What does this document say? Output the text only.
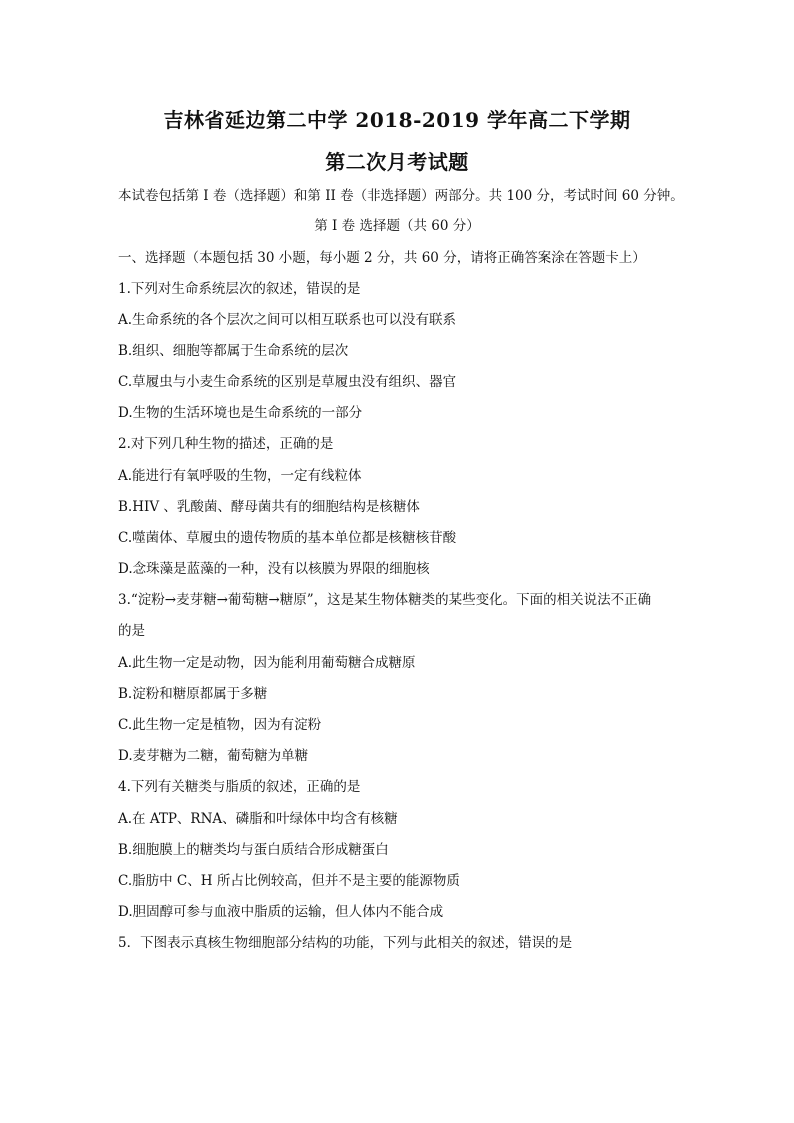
吉林省延边第二中学 2018-2019 学年高二下学期
第二次月考试题
本试卷包括第 I 卷（选择题）和第 II 卷（非选择题）两部分。共 100 分，考试时间 60 分钟。
第 I 卷 选择题（共 60 分）
一、选择题（本题包括 30 小题，每小题 2 分，共 60 分，请将正确答案涂在答题卡上）
1.下列对生命系统层次的叙述，错误的是
A.生命系统的各个层次之间可以相互联系也可以没有联系
B.组织、细胞等都属于生命系统的层次
C.草履虫与小麦生命系统的区别是草履虫没有组织、器官
D.生物的生活环境也是生命系统的一部分
2.对下列几种生物的描述，正确的是
A.能进行有氧呼吸的生物，一定有线粒体
B.HIV 、乳酸菌、酵母菌共有的细胞结构是核糖体
C.噬菌体、草履虫的遗传物质的基本单位都是核糖核苷酸
D.念珠藻是蓝藻的一种，没有以核膜为界限的细胞核
3.“淀粉→麦芽糖→葡萄糖→糖原”，这是某生物体糖类的某些变化。下面的相关说法不正确
的是
A.此生物一定是动物，因为能利用葡萄糖合成糖原
B.淀粉和糖原都属于多糖
C.此生物一定是植物，因为有淀粉
D.麦芽糖为二糖，葡萄糖为单糖
4.下列有关糖类与脂质的叙述，正确的是
A.在 ATP、RNA、磷脂和叶绿体中均含有核糖
B.细胞膜上的糖类均与蛋白质结合形成糖蛋白
C.脂肪中 C、H 所占比例较高，但并不是主要的能源物质
D.胆固醇可参与血液中脂质的运输，但人体内不能合成
5．下图表示真核生物细胞部分结构的功能，下列与此相关的叙述，错误的是
